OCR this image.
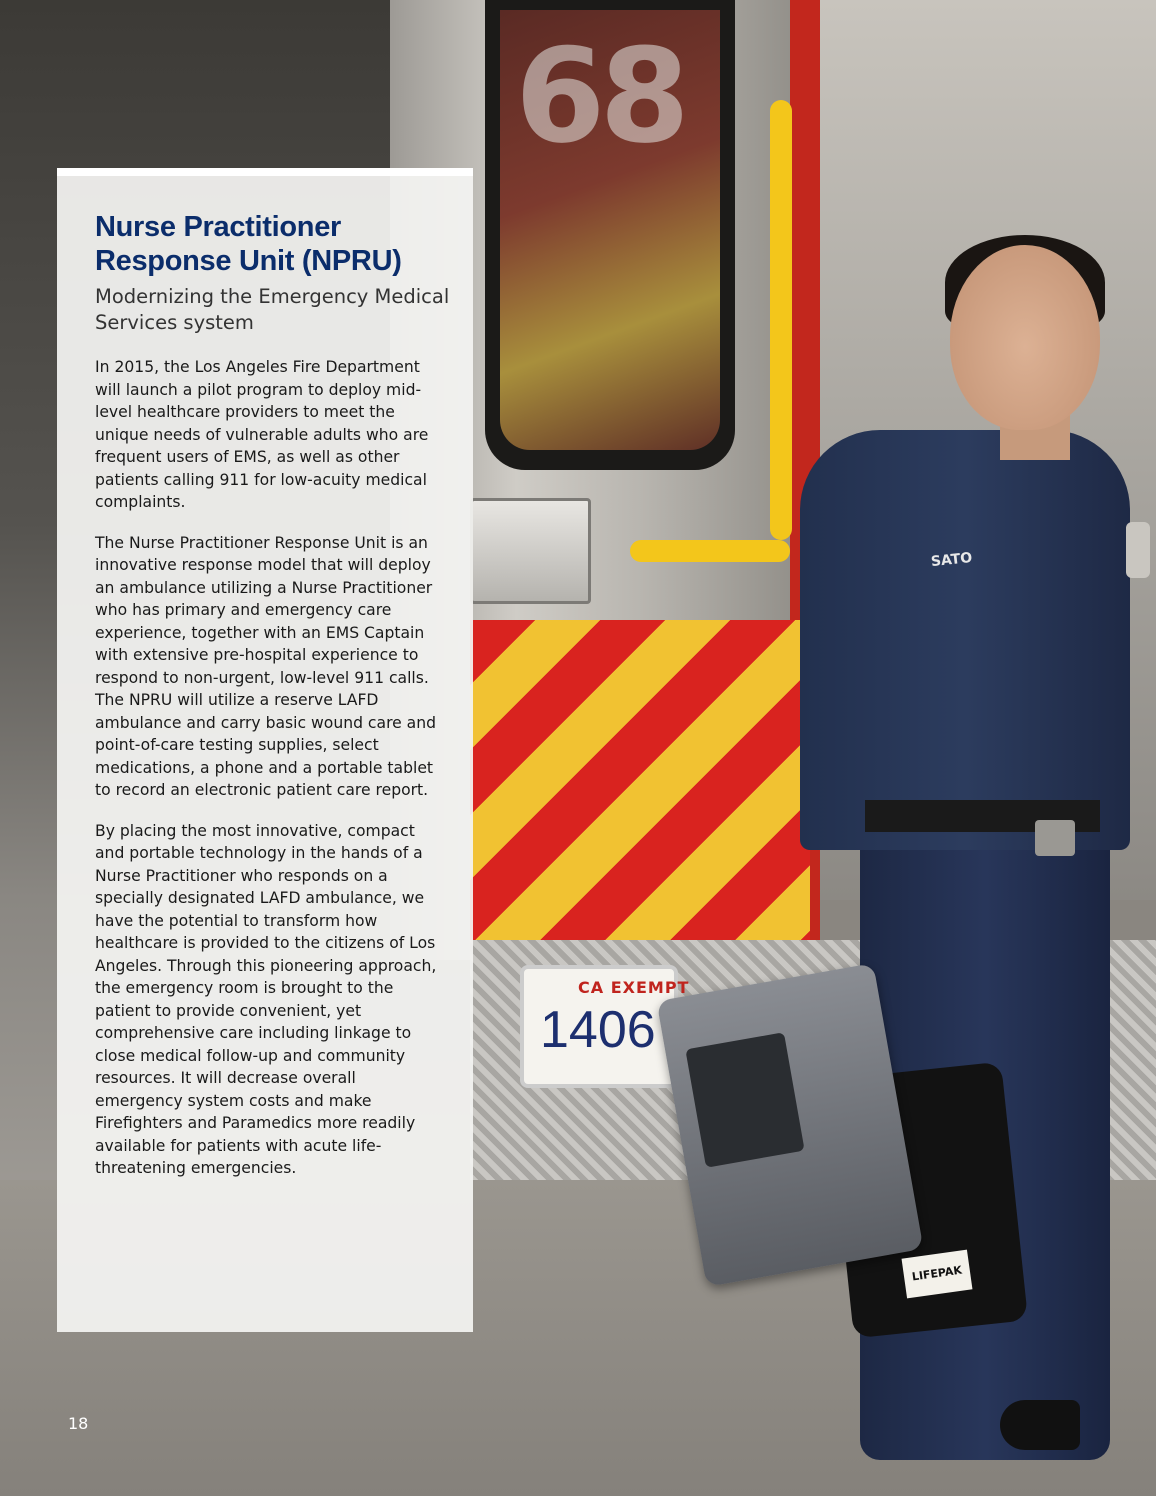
68
CA EXEMPT
1406
SATO
LIFEPAK
Nurse Practitioner Response Unit (NPRU)
Modernizing the Emergency Medical Services system

In 2015, the Los Angeles Fire Department will launch a pilot program to deploy mid-level healthcare providers to meet the unique needs of vulnerable adults who are frequent users of EMS, as well as other patients calling 911 for low-acuity medical complaints.

The Nurse Practitioner Response Unit is an innovative response model that will deploy an ambulance utilizing a Nurse Practitioner who has primary and emergency care experience, together with an EMS Captain with extensive pre-hospital experience to respond to non-urgent, low-level 911 calls. The NPRU will utilize a reserve LAFD ambulance and carry basic wound care and point-of-care testing supplies, select medications, a phone and a portable tablet to record an electronic patient care report.

By placing the most innovative, compact and portable technology in the hands of a Nurse Practitioner who responds on a specially designated LAFD ambulance, we have the potential to transform how healthcare is provided to the citizens of Los Angeles. Through this pioneering approach, the emergency room is brought to the patient to provide convenient, yet comprehensive care including linkage to close medical follow-up and community resources. It will decrease overall emergency system costs and make Firefighters and Paramedics more readily available for patients with acute life-threatening emergencies.

18
